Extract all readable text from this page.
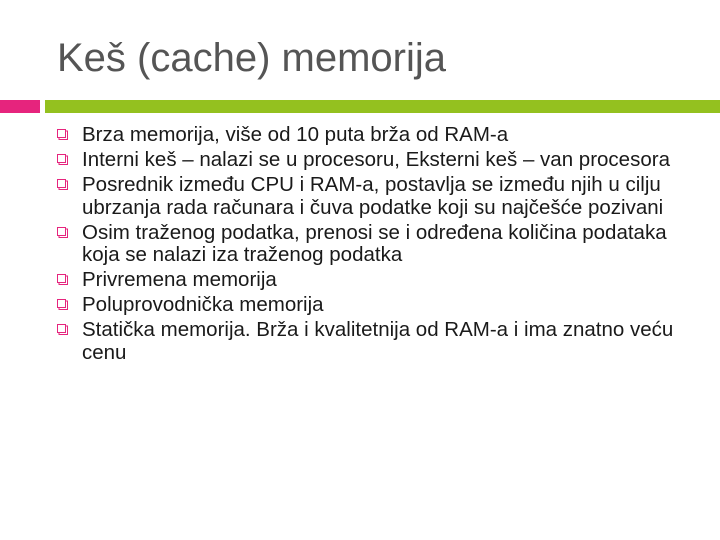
Keš (cache) memorija
Brza memorija, više od 10 puta brža od RAM-a
Interni keš – nalazi se u procesoru, Eksterni keš – van procesora
Posrednik između CPU i RAM-a, postavlja se između njih u cilju ubrzanja rada računara i čuva podatke koji su najčešće pozivani
Osim traženog podatka, prenosi se i određena količina podataka koja se nalazi iza traženog podatka
Privremena memorija
Poluprovodnička memorija
Statička memorija. Brža i kvalitetnija od RAM-a i ima znatno veću cenu
